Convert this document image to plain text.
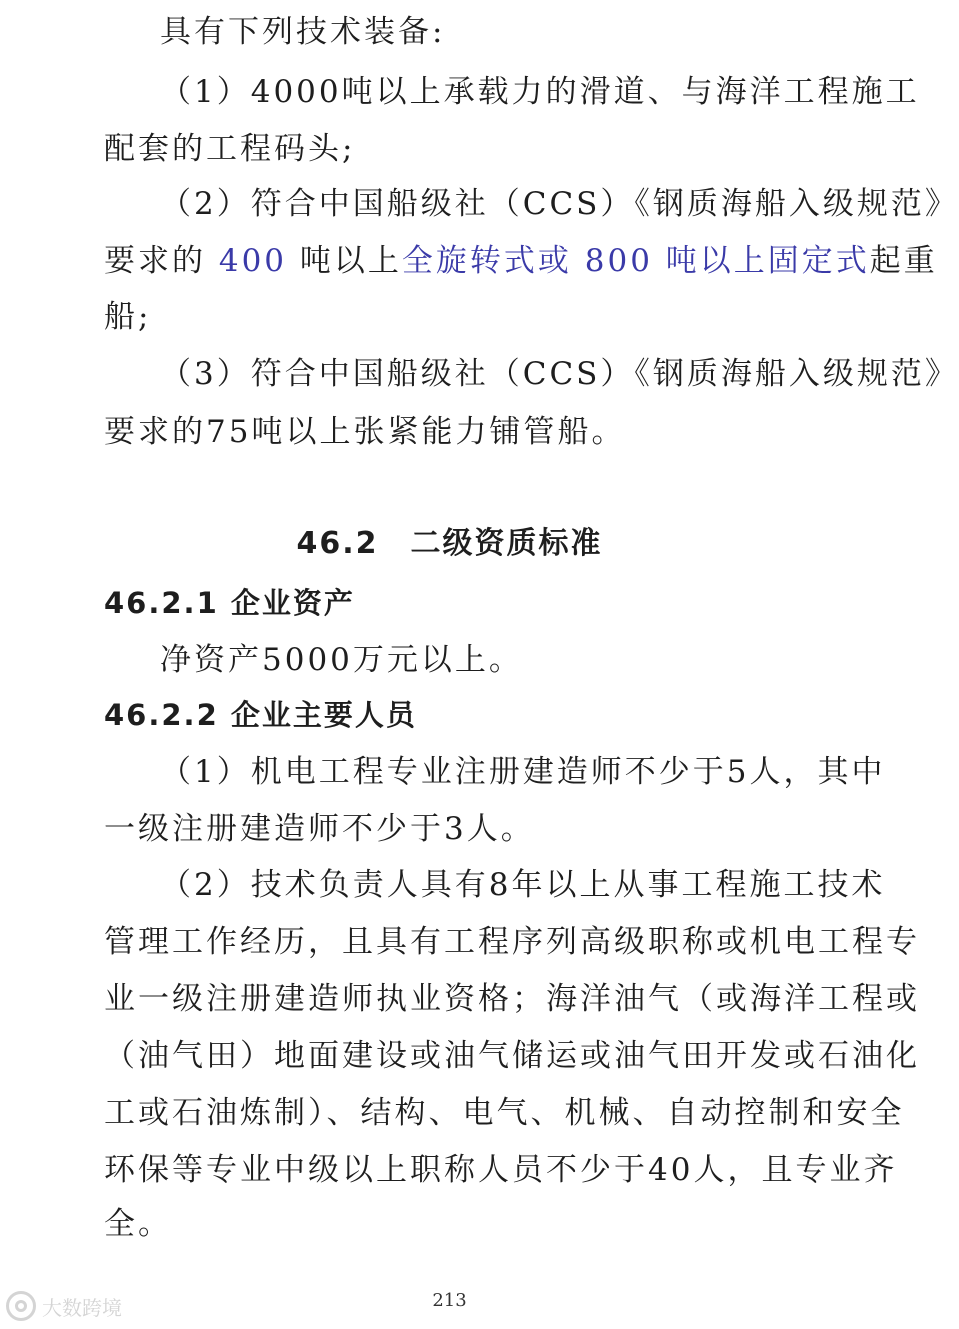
具有下列技术装备:
（1）4000吨以上承载力的滑道、与海洋工程施工
配套的工程码头;
（2）符合中国船级社（CCS）《钢质海船入级规范》
要求的 400 吨以上全旋转式或 800 吨以上固定式起重
船;
（3）符合中国船级社（CCS）《钢质海船入级规范》
要求的75吨以上张紧能力铺管船。
46.2　二级资质标准
46.2.1 企业资产
净资产5000万元以上。
46.2.2 企业主要人员
（1）机电工程专业注册建造师不少于5人，其中
一级注册建造师不少于3人。
（2）技术负责人具有8年以上从事工程施工技术
管理工作经历，且具有工程序列高级职称或机电工程专
业一级注册建造师执业资格；海洋油气（或海洋工程或
（油气田）地面建设或油气储运或油气田开发或石油化
工或石油炼制）、结构、电气、机械、自动控制和安全
环保等专业中级以上职称人员不少于40人，且专业齐
全。
213
大数跨境
